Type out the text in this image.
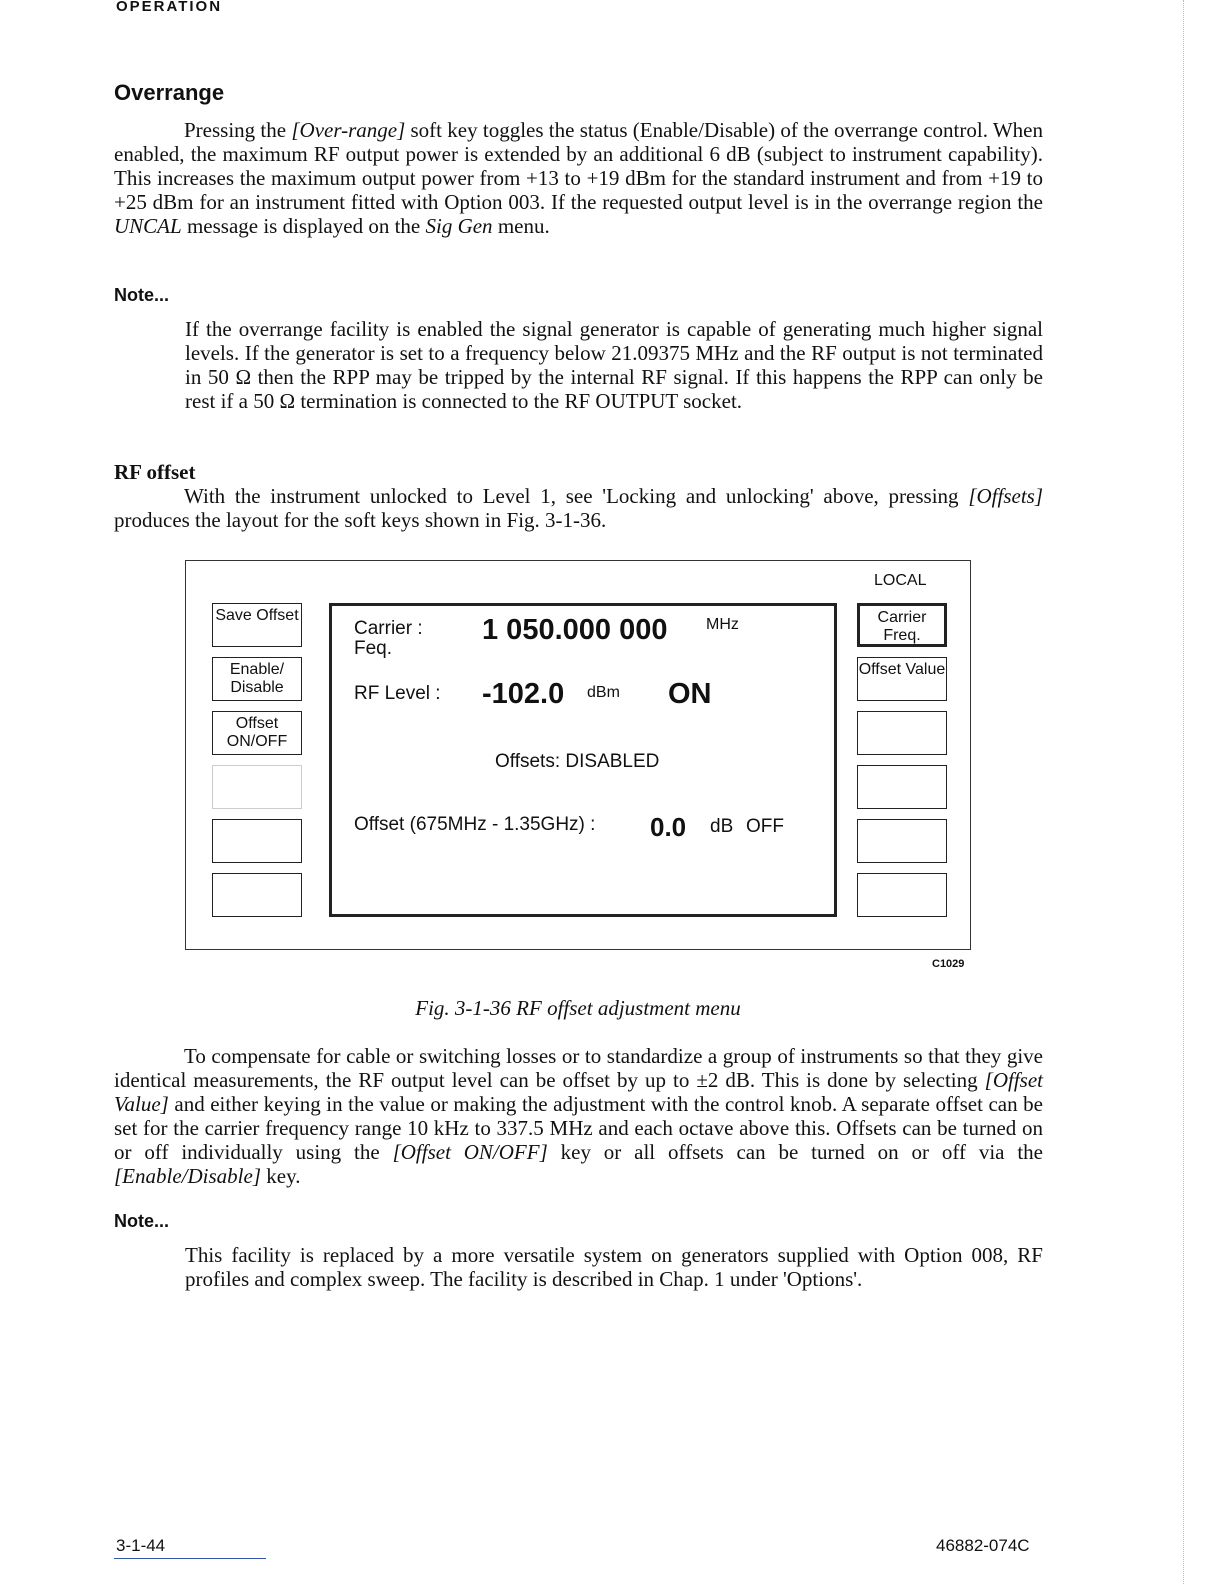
OPERATION
Overrange

Pressing the [Over-range] soft key toggles the status (Enable/Disable) of the overrange control. When enabled, the maximum RF output power is extended by an additional 6 dB (subject to instrument capability). This increases the maximum output power from +13 to +19 dBm for the standard instrument and from +19 to +25 dBm for an instrument fitted with Option 003. If the requested output level is in the overrange region the UNCAL message is displayed on the Sig Gen menu.

Note...

If the overrange facility is enabled the signal generator is capable of generating much higher signal levels. If the generator is set to a frequency below 21.09375 MHz and the RF output is not terminated in 50 Ω then the RPP may be tripped by the internal RF signal. If this happens the RPP can only be rest if a 50 Ω termination is connected to the RF OUTPUT socket.

RF offset

With the instrument unlocked to Level 1, see 'Locking and unlocking' above, pressing [Offsets] produces the layout for the soft keys shown in Fig. 3-1-36.

LOCAL
Save Offset
Enable/ Disable
Offset ON/OFF
Carrier :
Feq.
1 050.000 000 MHz
RF Level : -102.0 dBm ON
Offsets: DISABLED
Offset (675MHz - 1.35GHz) : 0.0 dB OFF
Carrier Freq.
Offset Value
C1029
Fig. 3-1-36 RF offset adjustment menu

To compensate for cable or switching losses or to standardize a group of instruments so that they give identical measurements, the RF output level can be offset by up to ±2 dB. This is done by selecting [Offset Value] and either keying in the value or making the adjustment with the control knob. A separate offset can be set for the carrier frequency range 10 kHz to 337.5 MHz and each octave above this. Offsets can be turned on or off individually using the [Offset ON/OFF] key or all offsets can be turned on or off via the [Enable/Disable] key.

Note...

This facility is replaced by a more versatile system on generators supplied with Option 008, RF profiles and complex sweep. The facility is described in Chap. 1 under 'Options'.

3-1-44	46882-074C
